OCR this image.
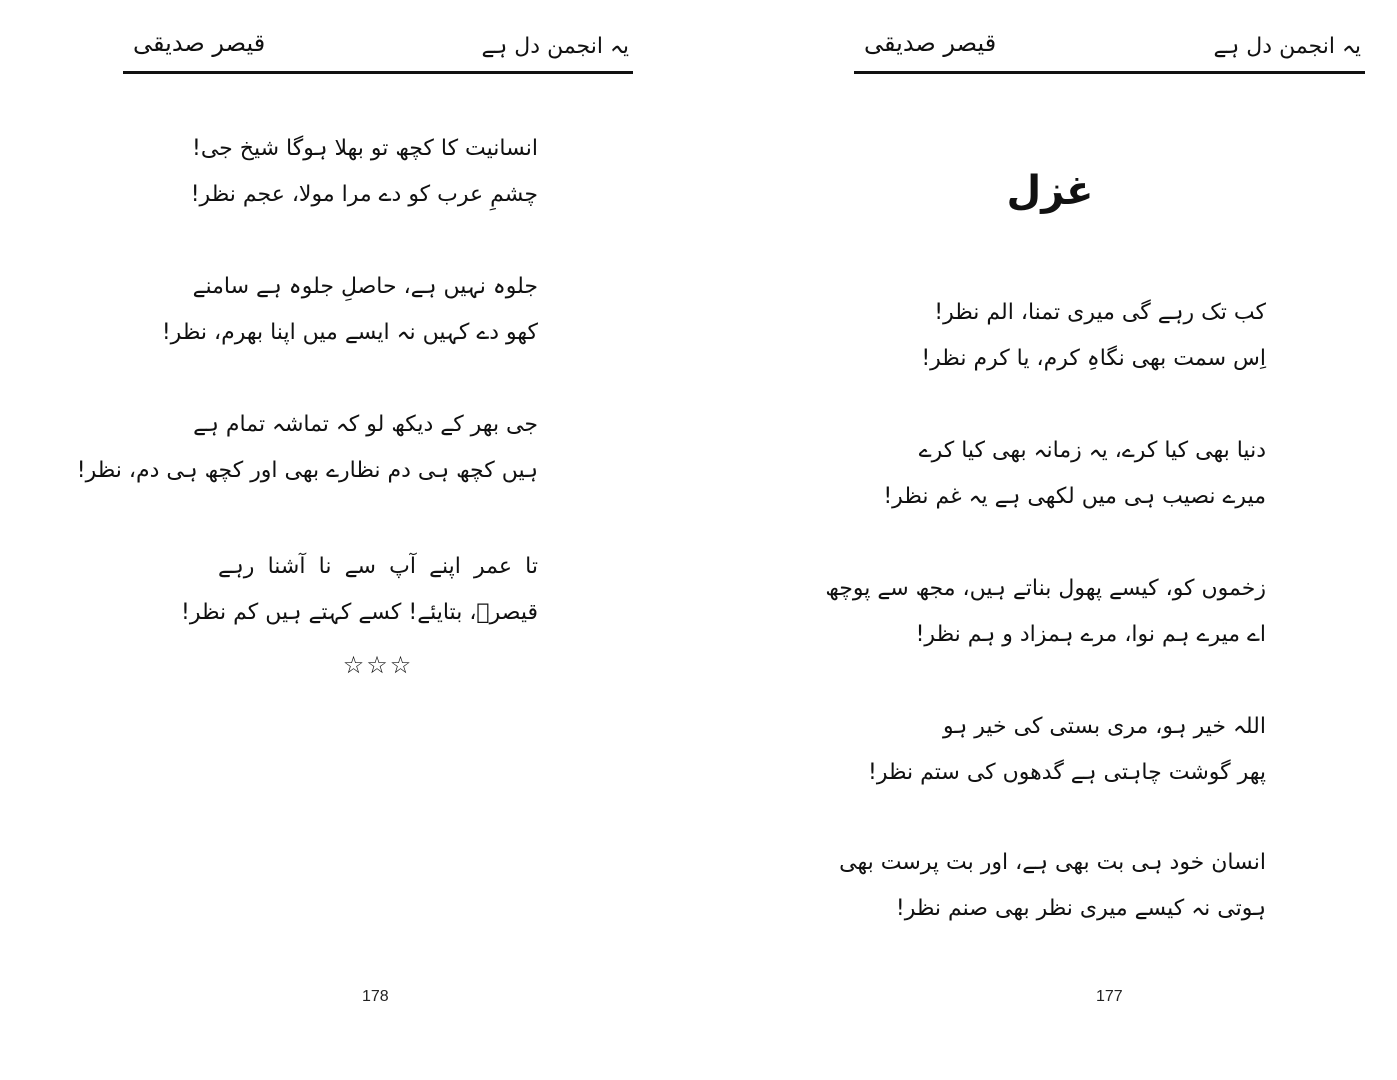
قیصر صدیقی	یہ انجمن دل ہے
انسانیت کا کچھ تو بھلا ہوگا شیخ جی!
چشمِ عرب کو دے مرا مولا، عجم نظر!
جلوہ نہیں ہے، حاصلِ جلوہ ہے سامنے
کھو دے کہیں نہ ایسے میں اپنا بھرم، نظر!
جی بھر کے دیکھ لو کہ تماشہ تمام ہے
ہیں کچھ ہی دم نظارے بھی اور کچھ ہی دم، نظر!
تا عمر اپنے آپ سے نا آشنا رہے
قیصرؔ، بتایئے! کسے کہتے ہیں کم نظر!
☆☆☆
178
قیصر صدیقی	یہ انجمن دل ہے
غزل
کب تک رہے گی میری تمنا، الم نظر!
اِس سمت بھی نگاہِ کرم، یا کرم نظر!
دنیا بھی کیا کرے، یہ زمانہ بھی کیا کرے
میرے نصیب ہی میں لکھی ہے یہ غم نظر!
زخموں کو، کیسے پھول بناتے ہیں، مجھ سے پوچھ
اے میرے ہم نوا، مرے ہمزاد و ہم نظر!
اللہ خیر ہو، مری بستی کی خیر ہو
پھر گوشت چاہتی ہے گدھوں کی ستم نظر!
انسان خود ہی بت بھی ہے، اور بت پرست بھی
ہوتی نہ کیسے میری نظر بھی صنم نظر!
177
